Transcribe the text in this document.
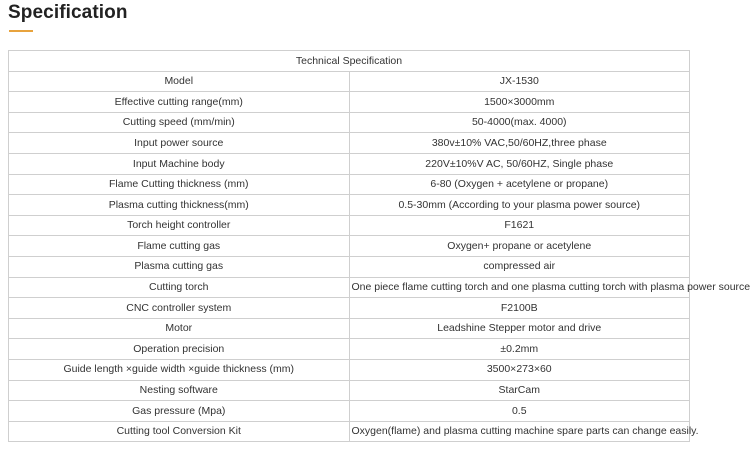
Specification
Technical Specification	
Model	JX-1530
Effective cutting range(mm)	1500×3000mm
Cutting speed (mm/min)	50-4000(max. 4000)
Input power source	380v±10% VAC,50/60HZ,three phase
Input Machine body	220V±10%V AC, 50/60HZ, Single phase
Flame Cutting thickness (mm)	6-80 (Oxygen + acetylene or propane)
Plasma cutting thickness(mm)	0.5-30mm (According to your plasma power source)
Torch height controller	F1621
Flame cutting gas	Oxygen+ propane or acetylene
Plasma cutting gas	compressed air
Cutting torch	One piece flame cutting torch and one plasma cutting torch with plasma power source
CNC controller system	F2100B
Motor	Leadshine Stepper motor and drive
Operation precision	±0.2mm
Guide length ×guide width ×guide thickness (mm)	3500×273×60
Nesting software	StarCam
Gas pressure (Mpa)	0.5
Cutting tool Conversion Kit	Oxygen(flame) and plasma cutting machine spare parts can change easily.
